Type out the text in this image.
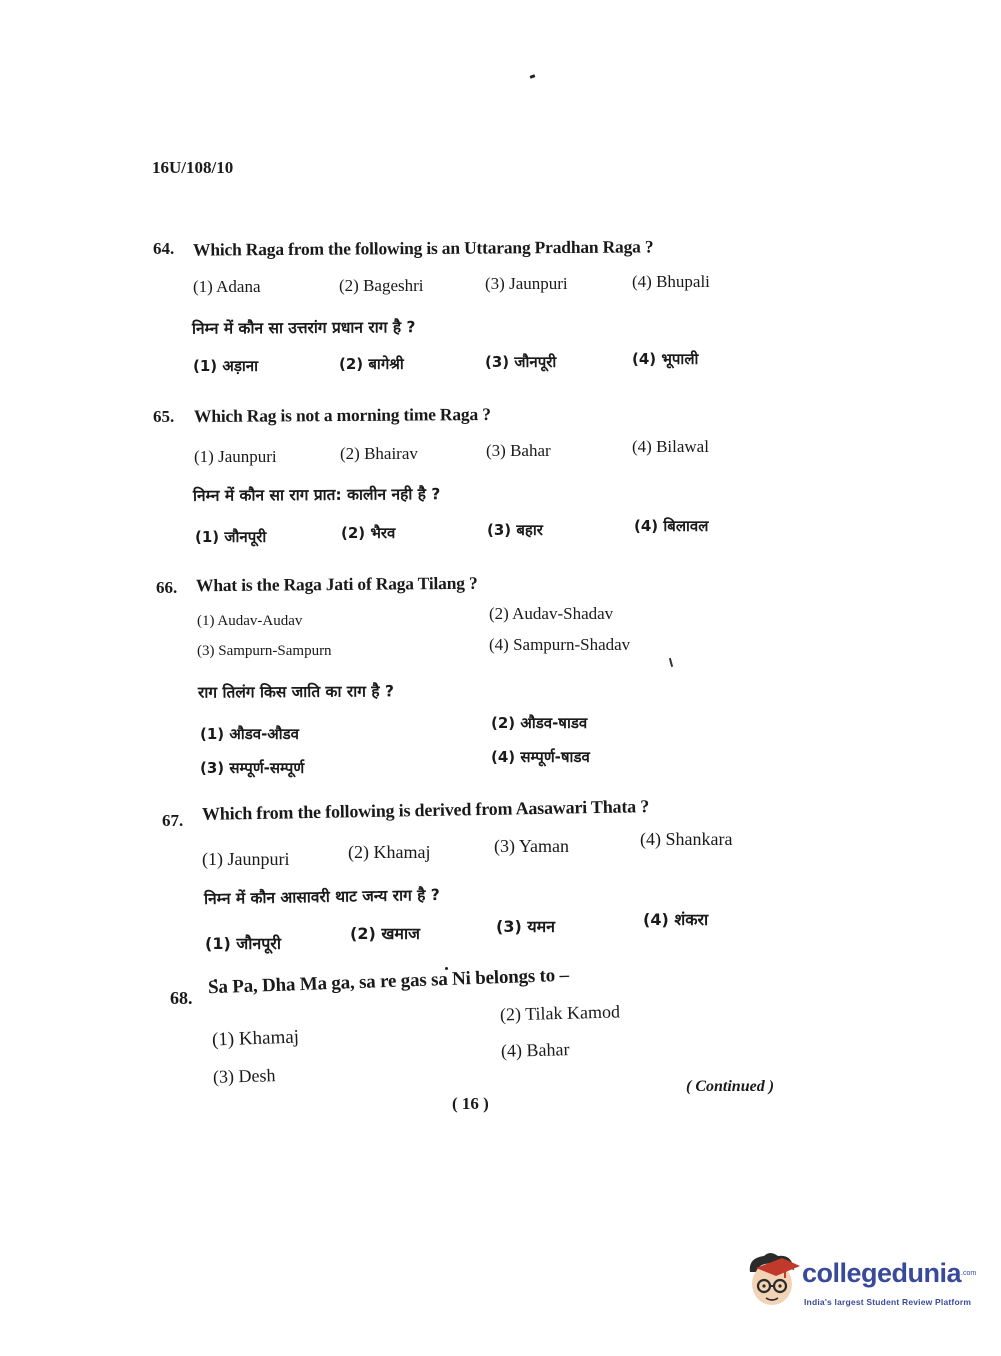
16U/108/10
64. Which Raga from the following is an Uttarang Pradhan Raga ?
(1) Adana	(2) Bageshri	(3) Jaunpuri	(4) Bhupali
निम्न में कौन सा उत्तरांग प्रधान राग है ?
(1) अड़ाना	(2) बागेश्री	(3) जौनपूरी	(4) भूपाली
65. Which Rag is not a morning time Raga ?
(1) Jaunpuri	(2) Bhairav	(3) Bahar	(4) Bilawal
निम्न में कौन सा राग प्रात: कालीन नही है ?
(1) जौनपूरी	(2) भैरव	(3) बहार	(4) बिलावल
66. What is the Raga Jati of Raga Tilang ?
(1) Audav-Audav	(2) Audav-Shadav
(3) Sampurn-Sampurn	(4) Sampurn-Shadav
राग तिलंग किस जाति का राग है ?
(1) औडव-औडव
(2) औडव-षाडव
(3) सम्पूर्ण-सम्पूर्ण
(4) सम्पूर्ण-षाडव
67. Which from the following is derived from Aasawari Thata ?
(1) Jaunpuri	(2) Khamaj	(3) Yaman	(4) Shankara
निम्न में कौन आसावरी थाट जन्य राग है ?
(1) जौनपूरी
(2) खमाज	(3) यमन	(4) शंकरा
68. Sa Pa, Dha Ma ga, sa re gas sa Ni belongs to –
(1) Khamaj
(2) Tilak Kamod
(3) Desh
(4) Bahar
( Continued )
( 16 )
collegedunia .com
India's largest Student Review Platform
